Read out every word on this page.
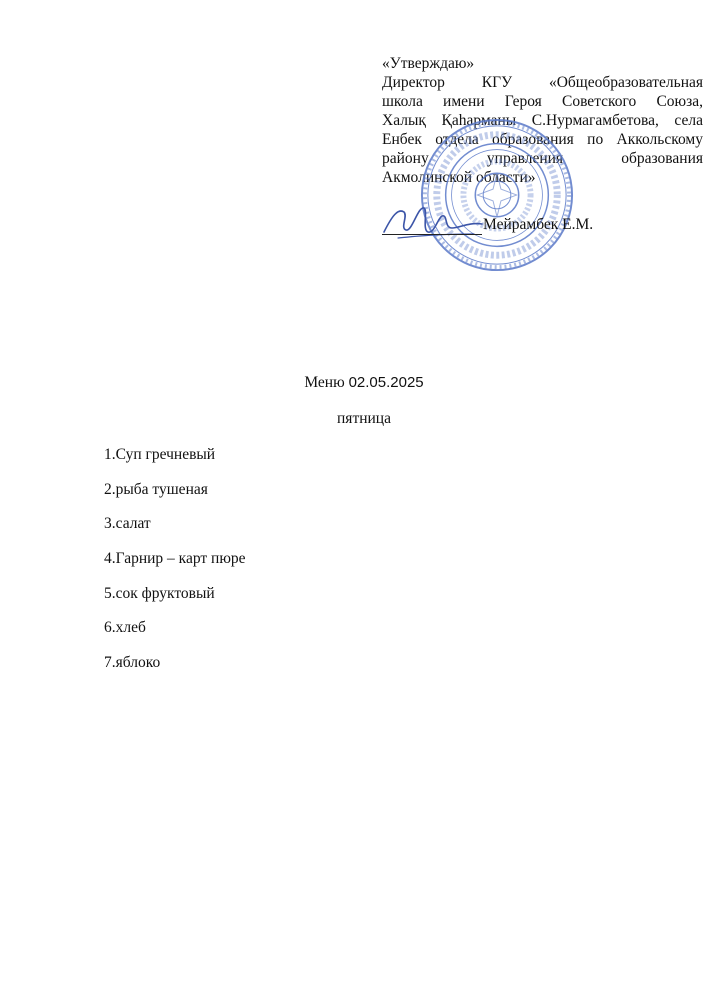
«Утверждаю»
Директор КГУ «Общеобразовательная
школа имени Героя Советского Союза,
Халық Қаһарманы С.Нурмагамбетова, села
Енбек отдела образования по Аккольскому
району управления образования
Акмолинской области»
Мейрамбек Е.М.
Меню 02.05.2025
пятница
1.Суп гречневый
2.рыба тушеная
3.салат
4.Гарнир – карт пюре
5.сок фруктовый
6.хлеб
7.яблоко
